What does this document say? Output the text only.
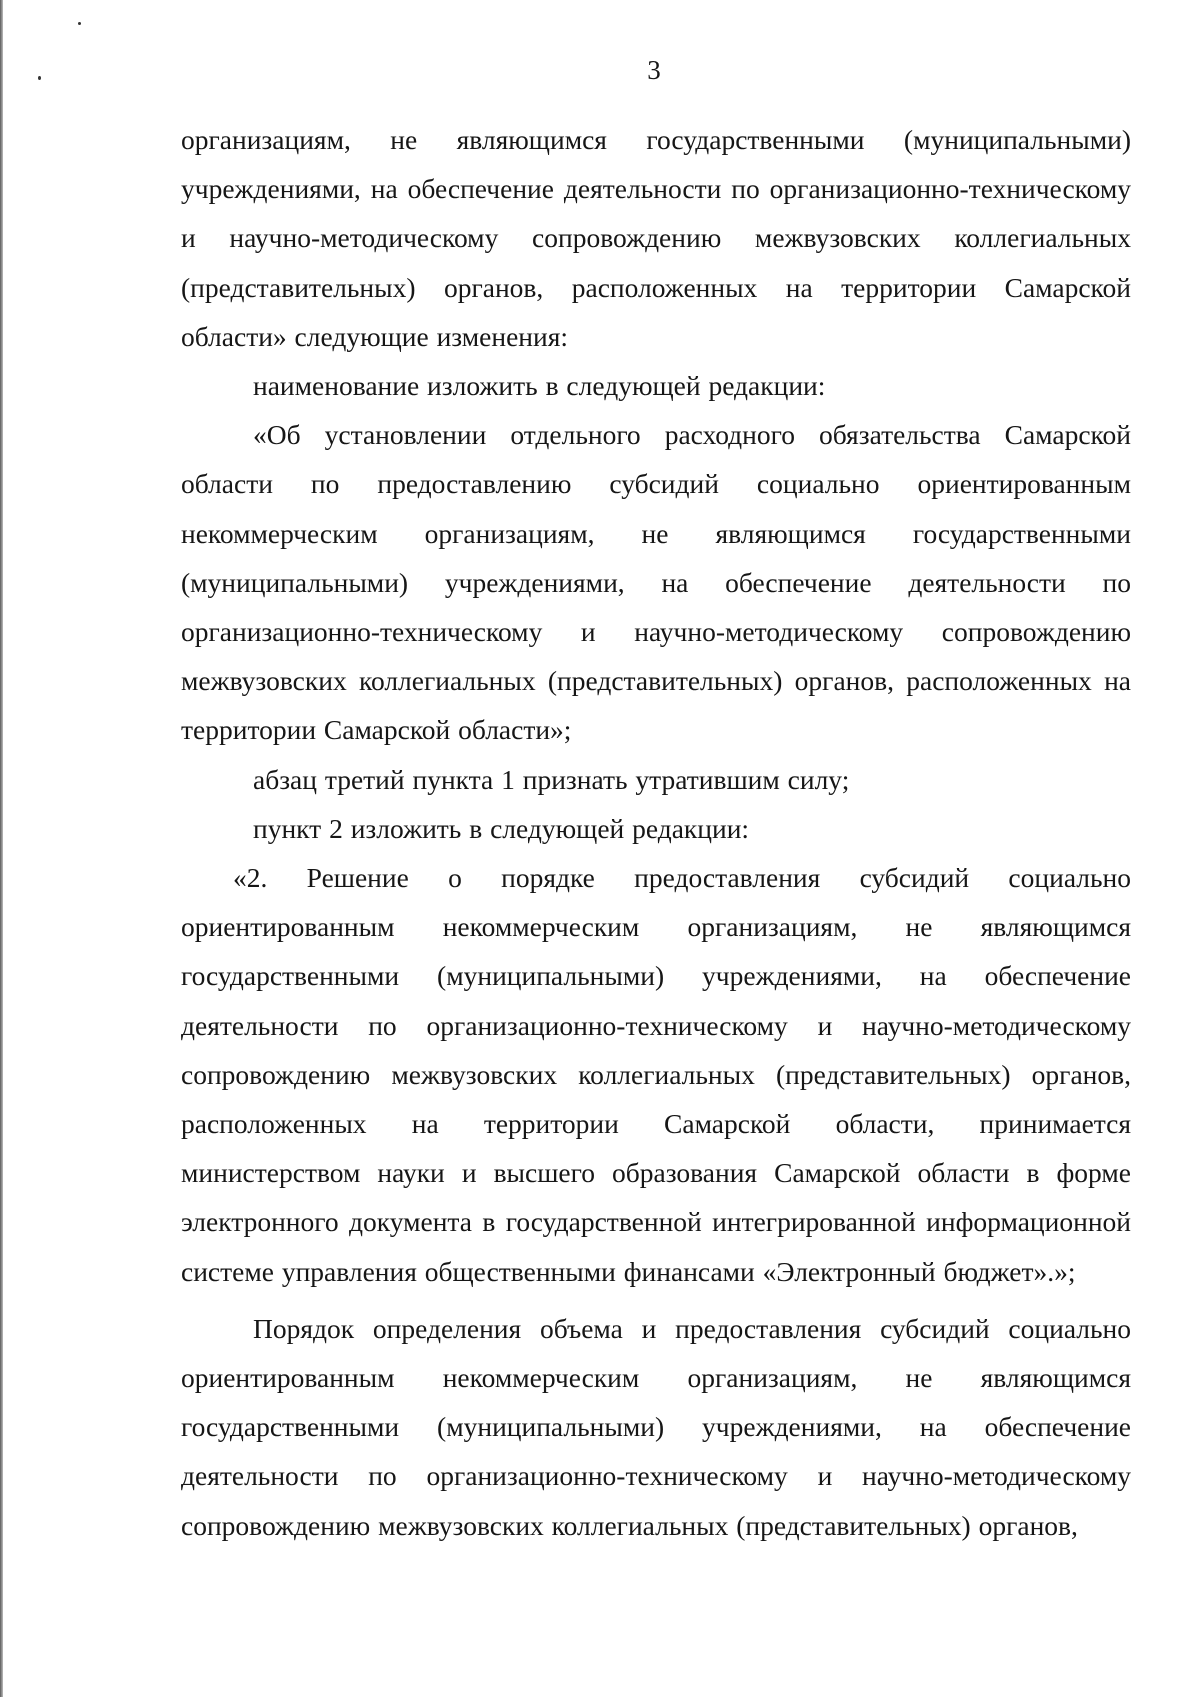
3

организациям, не являющимся государственными (муниципальными) учреждениями, на обеспечение деятельности по организационно-техническому и научно-методическому сопровождению межвузовских коллегиальных (представительных) органов, расположенных на территории Самарской области» следующие изменения:

наименование изложить в следующей редакции:

«Об установлении отдельного расходного обязательства Самарской области по предоставлению субсидий социально ориентированным некоммерческим организациям, не являющимся государственными (муниципальными) учреждениями, на обеспечение деятельности по организационно-техническому и научно-методическому сопровождению межвузовских коллегиальных (представительных) органов, расположенных на территории Самарской области»;

абзац третий пункта 1 признать утратившим силу;

пункт 2 изложить в следующей редакции:

«2. Решение о порядке предоставления субсидий социально ориентированным некоммерческим организациям, не являющимся государственными (муниципальными) учреждениями, на обеспечение деятельности по организационно-техническому и научно-методическому сопровождению межвузовских коллегиальных (представительных) органов, расположенных на территории Самарской области, принимается министерством науки и высшего образования Самарской области в форме электронного документа в государственной интегрированной информационной системе управления общественными финансами «Электронный бюджет».»;

Порядок определения объема и предоставления субсидий социально ориентированным некоммерческим организациям, не являющимся государственными (муниципальными) учреждениями, на обеспечение деятельности по организационно-техническому и научно-методическому сопровождению межвузовских коллегиальных (представительных) органов,
